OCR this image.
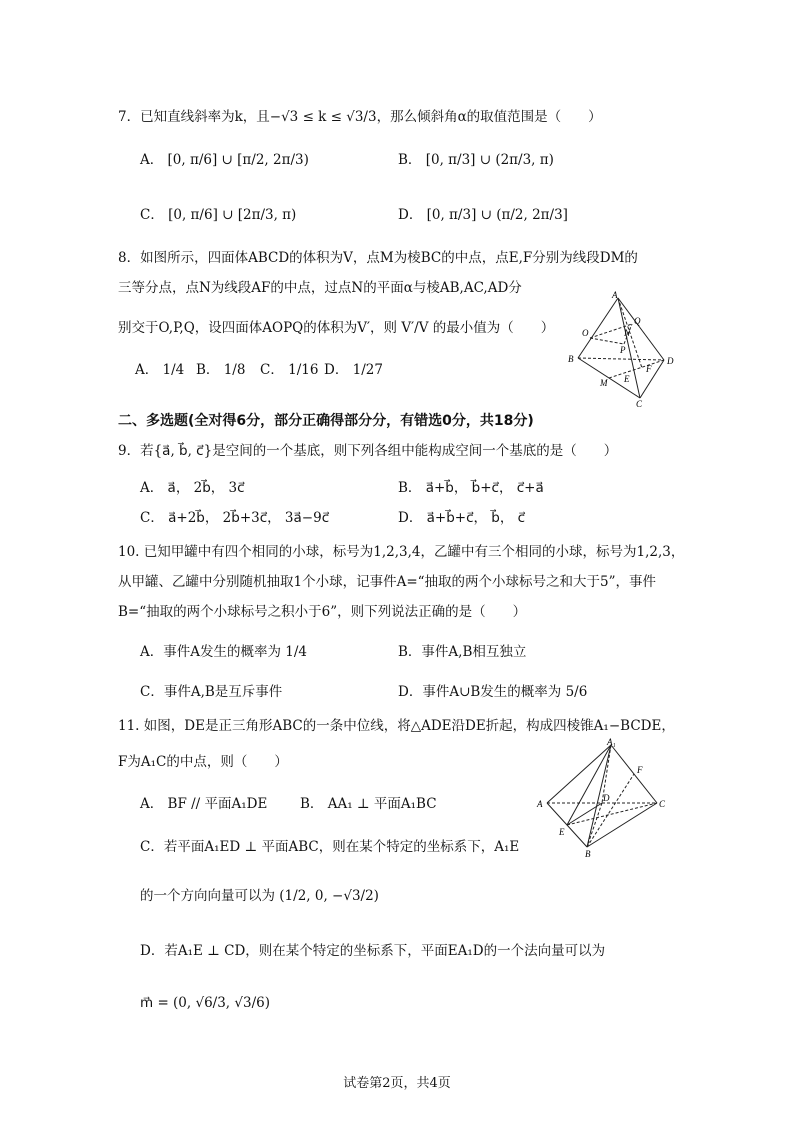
7．已知直线斜率为k，且−√3 ≤ k ≤ √3/3，那么倾斜角α的取值范围是（　　）
A． [0, π/6] ∪ [π/2, 2π/3)	B． [0, π/3] ∪ (2π/3, π)
C． [0, π/6] ∪ [2π/3, π)	D． [0, π/3] ∪ (π/2, 2π/3]
8．如图所示，四面体ABCD的体积为V，点M为棱BC的中点，点E,F分别为线段DM的
三等分点，点N为线段AF的中点，过点N的平面α与棱AB,AC,AD分
别交于O,P,Q，设四面体AOPQ的体积为V′，则 V′/V 的最小值为（　　）
A． 1/4 B． 1/8 C． 1/16 D． 1/27
A
O
Q
N
P
B	D
F
E
M
C
二、多选题(全对得6分，部分正确得部分分，有错选0分，共18分)
9．若{a⃗, b⃗, c⃗}是空间的一个基底，则下列各组中能构成空间一个基底的是（　　）
A． a⃗， 2b⃗， 3c⃗	B． a⃗+b⃗， b⃗+c⃗， c⃗+a⃗
C． a⃗+2b⃗， 2b⃗+3c⃗， 3a⃗−9c⃗	D． a⃗+b⃗+c⃗， b⃗， c⃗
10. 已知甲罐中有四个相同的小球，标号为1,2,3,4，乙罐中有三个相同的小球，标号为1,2,3，
从甲罐、乙罐中分别随机抽取1个小球，记事件A=“抽取的两个小球标号之和大于5”，事件
B=“抽取的两个小球标号之积小于6”，则下列说法正确的是（　　）
A．事件A发生的概率为 1/4	B．事件A,B相互独立
C．事件A,B是互斥事件	D．事件A∪B发生的概率为 5/6
11. 如图，DE是正三角形ABC的一条中位线，将△ADE沿DE折起，构成四棱锥A₁−BCDE，
F为A₁C的中点，则（　　）
A． BF // 平面A₁DE B． AA₁ ⊥ 平面A₁BC
C．若平面A₁ED ⊥ 平面ABC，则在某个特定的坐标系下，A₁E
的一个方向向量可以为 (1/2, 0, −√3/2)
D．若A₁E ⊥ CD，则在某个特定的坐标系下，平面EA₁D的一个法向量可以为
m⃗ = (0, √6/3, √3/6)
A₁
F
A
D
C
E
B
试卷第2页，共4页
